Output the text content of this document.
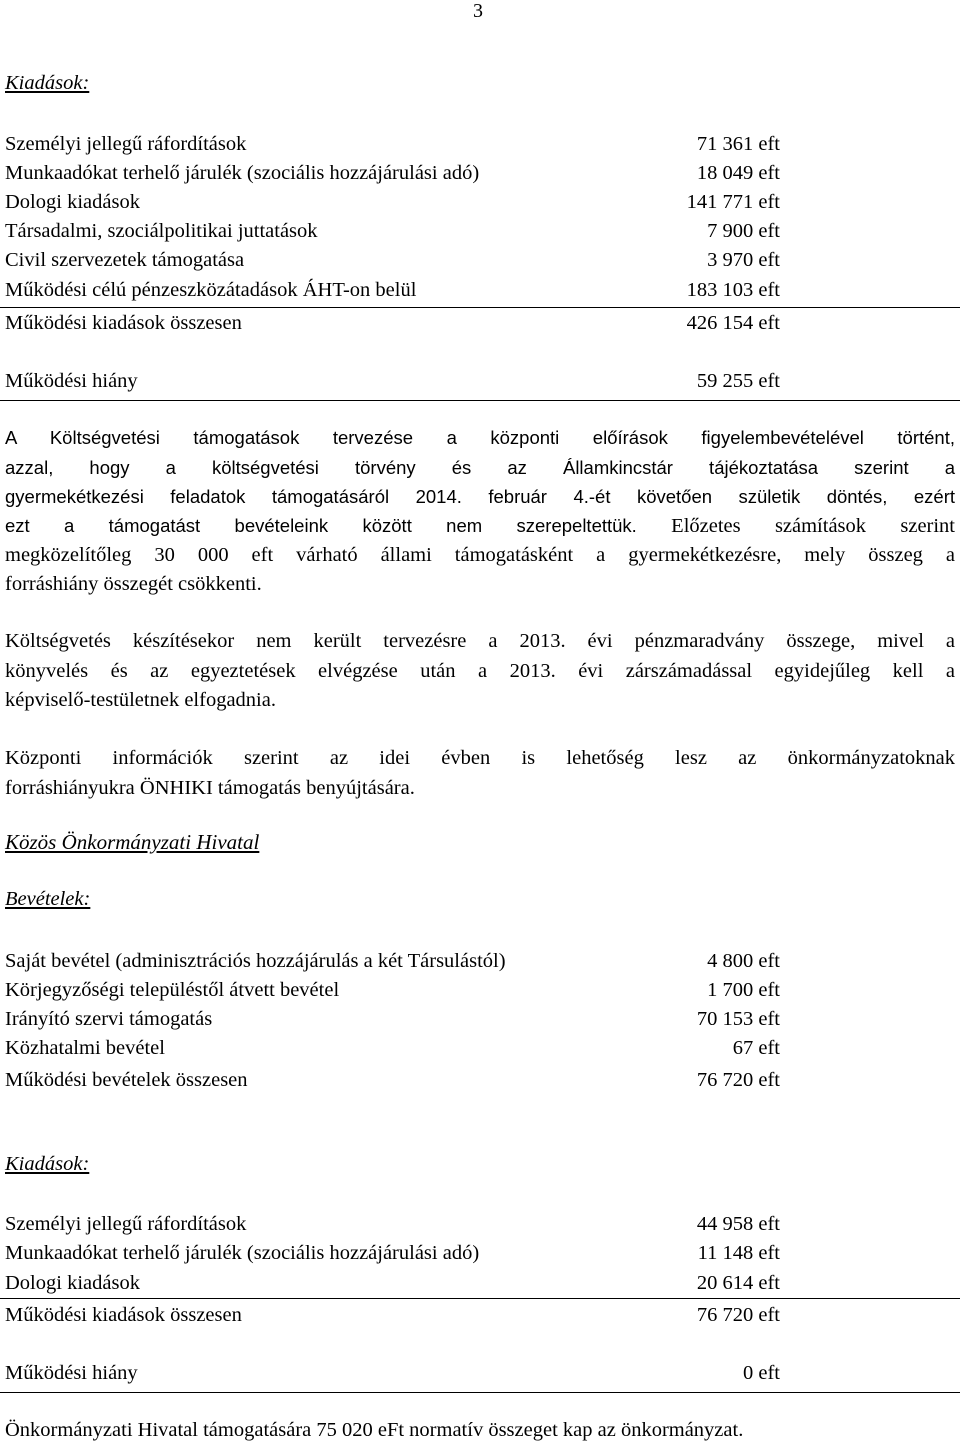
3
Kiadások:
Személyi jellegű ráfordítások	71 361 eft
Munkaadókat terhelő járulék (szociális hozzájárulási adó)	18 049 eft
Dologi kiadások	141 771 eft
Társadalmi, szociálpolitikai juttatások	7 900 eft
Civil szervezetek támogatása	3 970 eft
Működési célú pénzeszközátadások ÁHT-on belül	183 103 eft
Működési kiadások összesen	426 154 eft
Működési hiány	59 255 eft
A Költségvetési támogatások tervezése a központi előírások figyelembevételével történt,
azzal, hogy a költségvetési törvény és az Államkincstár tájékoztatása szerint a
gyermekétkezési feladatok támogatásáról 2014. február 4.-ét követően születik döntés, ezért
ezt a támogatást bevételeink között nem szerepeltettük. Előzetes számítások szerint
megközelítőleg 30 000 eft várható állami támogatásként a gyermekétkezésre, mely összeg a
forráshiány összegét csökkenti.
Költségvetés készítésekor nem került tervezésre a 2013. évi pénzmaradvány összege, mivel a
könyvelés és az egyeztetések elvégzése után a 2013. évi zárszámadással egyidejűleg kell a
képviselő-testületnek elfogadnia.
Központi információk szerint az idei évben is lehetőség lesz az önkormányzatoknak
forráshiányukra ÖNHIKI támogatás benyújtására.
Közös Önkormányzati Hivatal
Bevételek:
Saját bevétel (adminisztrációs hozzájárulás a két Társulástól)	4 800 eft
Körjegyzőségi településtől átvett bevétel	1 700 eft
Irányító szervi támogatás	70 153 eft
Közhatalmi bevétel	67 eft
Működési bevételek összesen	76 720 eft
Kiadások:
Személyi jellegű ráfordítások	44 958 eft
Munkaadókat terhelő járulék (szociális hozzájárulási adó)	11 148 eft
Dologi kiadások	20 614 eft
Működési kiadások összesen	76 720 eft
Működési hiány	0 eft
Önkormányzati Hivatal támogatására 75 020 eFt normatív összeget kap az önkormányzat.
